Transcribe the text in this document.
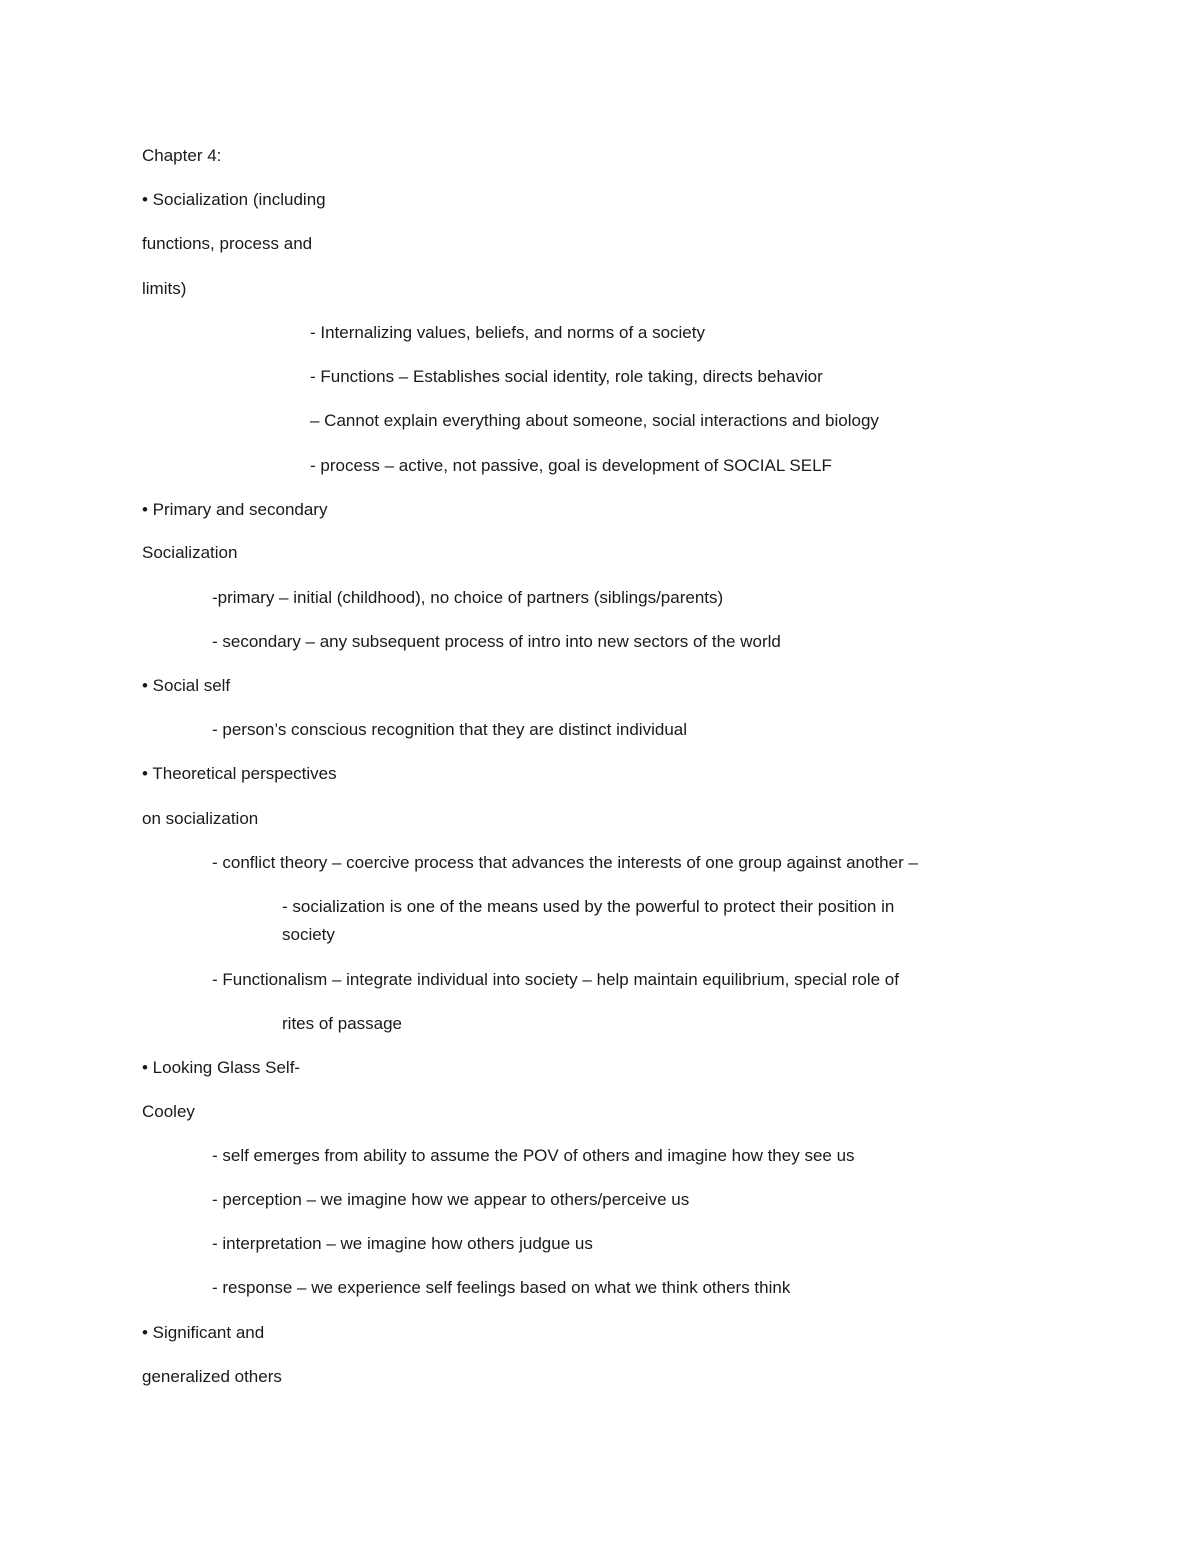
Chapter 4:
• Socialization (including
functions, process and
limits)
- Internalizing values, beliefs, and norms of a society
- Functions – Establishes social identity, role taking, directs behavior
– Cannot explain everything about someone, social interactions and biology
- process – active, not passive, goal is development of SOCIAL SELF
• Primary and secondary
Socialization
-primary – initial (childhood), no choice of partners (siblings/parents)
- secondary – any subsequent process of intro into new sectors of the world
• Social self
- person’s conscious recognition that they are distinct individual
• Theoretical perspectives
on socialization
- conflict theory – coercive process that advances the interests of one group against another –
- socialization is one of the means used by the powerful to protect their position in
society
- Functionalism – integrate individual into society – help maintain equilibrium, special role of
rites of passage
• Looking Glass Self-
Cooley
- self emerges from ability to assume the POV of others and imagine how they see us
- perception – we imagine how we appear to others/perceive us
- interpretation – we imagine how others judgue us
- response – we experience self feelings based on what we think others think
• Significant and
generalized others
